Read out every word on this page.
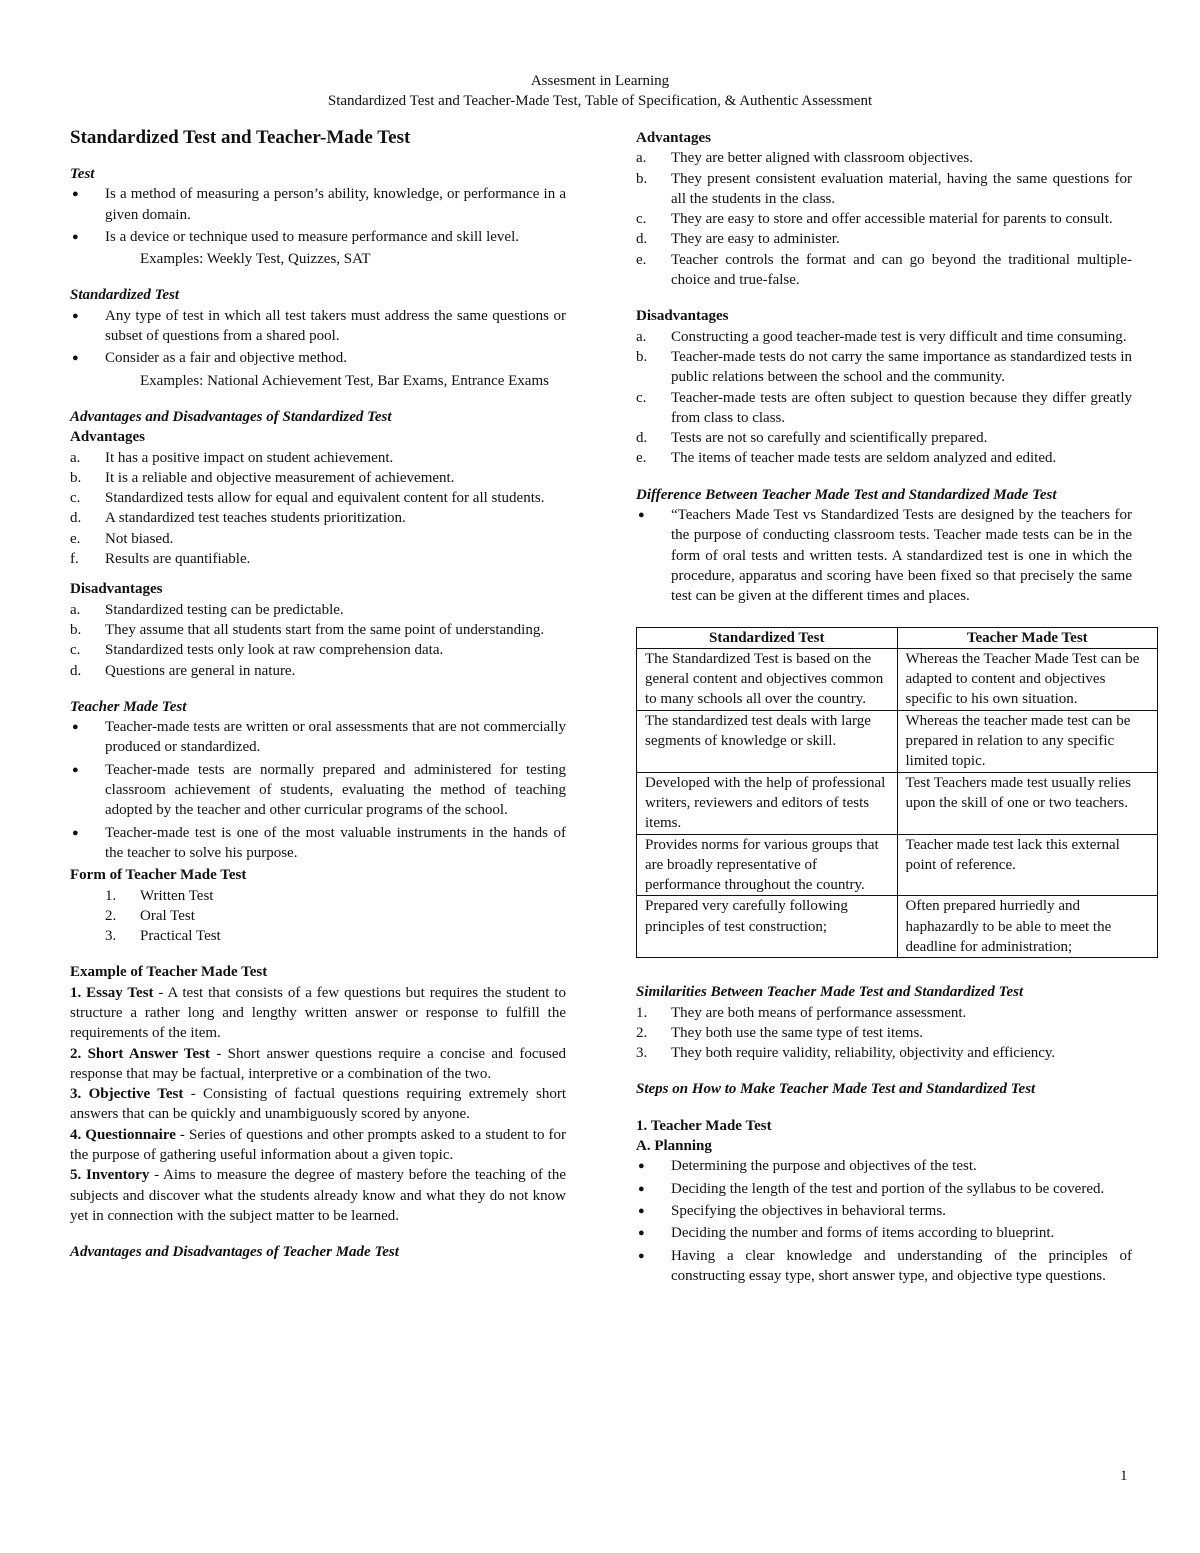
Assesment in Learning
Standardized Test and Teacher-Made Test, Table of Specification, & Authentic Assessment
Standardized Test and Teacher-Made Test

Test

●	Is a method of measuring a person’s ability, knowledge, or performance in a given domain.
●	Is a device or technique used to measure performance and skill level.

Examples: Weekly Test, Quizzes, SAT

Standardized Test

●	Any type of test in which all test takers must address the same questions or subset of questions from a shared pool.
●	Consider as a fair and objective method.

Examples: National Achievement Test, Bar Exams, Entrance Exams

Advantages and Disadvantages of Standardized Test

Advantages

a.	It has a positive impact on student achievement.
b.	It is a reliable and objective measurement of achievement.
c.	Standardized tests allow for equal and equivalent content for all students.
d.	A standardized test teaches students prioritization.
e.	Not biased.
f.	Results are quantifiable.

Disadvantages

a.	Standardized testing can be predictable.
b.	They assume that all students start from the same point of understanding.
c.	Standardized tests only look at raw comprehension data.
d.	Questions are general in nature.

Teacher Made Test

●	Teacher-made tests are written or oral assessments that are not commercially produced or standardized.
●	Teacher-made tests are normally prepared and administered for testing classroom achievement of students, evaluating the method of teaching adopted by the teacher and other curricular programs of the school.
●	Teacher-made test is one of the most valuable instruments in the hands of the teacher to solve his purpose.

Form of Teacher Made Test

1. Written Test
2. Oral Test
3. Practical Test

Example of Teacher Made Test

1. Essay Test - A test that consists of a few questions but requires the student to structure a rather long and lengthy written answer or response to fulfill the requirements of the item.

2. Short Answer Test - Short answer questions require a concise and focused response that may be factual, interpretive or a combination of the two.

3. Objective Test - Consisting of factual questions requiring extremely short answers that can be quickly and unambiguously scored by anyone.

4. Questionnaire - Series of questions and other prompts asked to a student to for the purpose of gathering useful information about a given topic.

5. Inventory - Aims to measure the degree of mastery before the teaching of the subjects and discover what the students already know and what they do not know yet in connection with the subject matter to be learned.

Advantages and Disadvantages of Teacher Made Test

Advantages

a.	They are better aligned with classroom objectives.
b.	They present consistent evaluation material, having the same questions for all the students in the class.
c.	They are easy to store and offer accessible material for parents to consult.
d.	They are easy to administer.
e.	Teacher controls the format and can go beyond the traditional multiple-choice and true-false.

Disadvantages

a.	Constructing a good teacher-made test is very difficult and time consuming.
b.	Teacher-made tests do not carry the same importance as standardized tests in public relations between the school and the community.
c.	Teacher-made tests are often subject to question because they differ greatly from class to class.
d.	Tests are not so carefully and scientifically prepared.
e.	The items of teacher made tests are seldom analyzed and edited.

Difference Between Teacher Made Test and Standardized Made Test

●	“Teachers Made Test vs Standardized Tests are designed by the teachers for the purpose of conducting classroom tests. Teacher made tests can be in the form of oral tests and written tests. A standardized test is one in which the procedure, apparatus and scoring have been fixed so that precisely the same test can be given at the different times and places.
Standardized Test	Teacher Made Test
The Standardized Test is based on the general content and objectives common to many schools all over the country.	Whereas the Teacher Made Test can be adapted to content and objectives specific to his own situation.
The standardized test deals with large segments of knowledge or skill.	Whereas the teacher made test can be prepared in relation to any specific limited topic.
Developed with the help of professional writers, reviewers and editors of tests items.	Test Teachers made test usually relies upon the skill of one or two teachers.
Provides norms for various groups that are broadly representative of performance throughout the country.	Teacher made test lack this external point of reference.
Prepared very carefully following principles of test construction;	Often prepared hurriedly and haphazardly to be able to meet the deadline for administration;

Similarities Between Teacher Made Test and Standardized Test

1.	They are both means of performance assessment.
2.	They both use the same type of test items.
3.	They both require validity, reliability, objectivity and efficiency.

Steps on How to Make Teacher Made Test and Standardized Test

1. Teacher Made Test

A. Planning

●	Determining the purpose and objectives of the test.
●	Deciding the length of the test and portion of the syllabus to be covered.
●	Specifying the objectives in behavioral terms.
●	Deciding the number and forms of items according to blueprint.
●	Having a clear knowledge and understanding of the principles of constructing essay type, short answer type, and objective type questions.
1
